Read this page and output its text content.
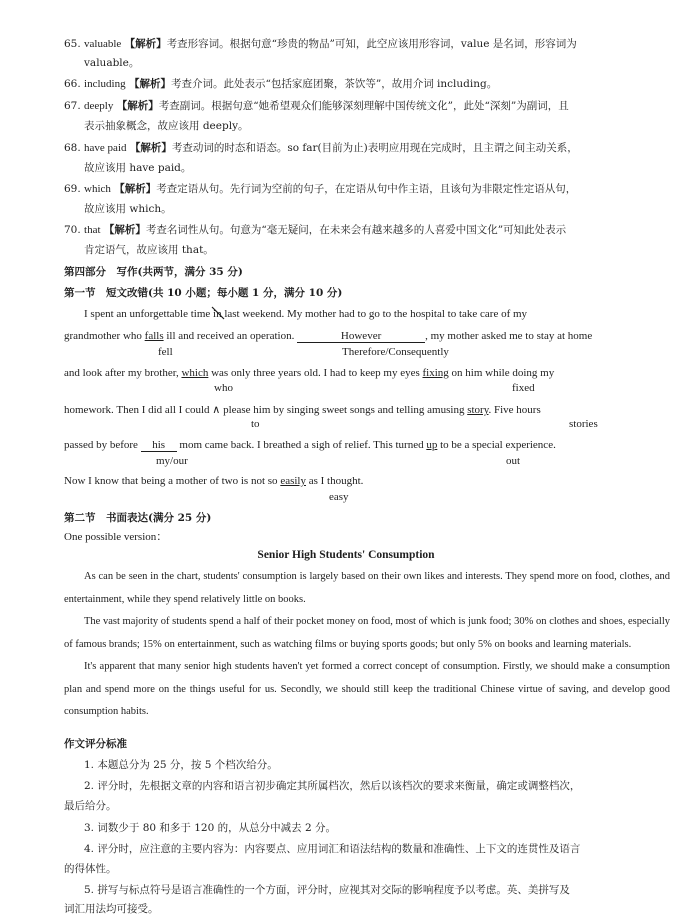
65. valuable 【解析】考查形容词。根据句意“珍贵的物品”可知，此空应该用形容词，value 是名词，形容词为
valuable。
66. including 【解析】考查介词。此处表示“包括家庭团聚，茶饮等”，故用介词 including。
67. deeply 【解析】考查副词。根据句意“她希望观众们能够深刻理解中国传统文化”，此处“深刻”为副词，且
表示抽象概念，故应该用 deeply。
68. have paid 【解析】考查动词的时态和语态。so far(目前为止)表明应用现在完成时，且主谓之间主动关系，
故应该用 have paid。
69. which 【解析】考查定语从句。先行词为空前的句子，在定语从句中作主语，且该句为非限定性定语从句，
故应该用 which。
70. that 【解析】考查名词性从句。句意为“毫无疑问，在未来会有越来越多的人喜爱中国文化”可知此处表示
肯定语气，故应该用 that。
第四部分　写作(共两节，满分 35 分)
第一节　短文改错(共 10 小题；每小题 1 分，满分 10 分)
I spent an unforgettable time in last weekend. My mother had to go to the hospital to take care of my
grandmother who falls ill and received an operation.	However	, my mother asked me to stay at home
fell	Therefore/Consequently
and look after my brother, which was only three years old. I had to keep my eyes fixing on him while doing my
who	fixed
homework. Then I did all I could ∧ please him by singing sweet songs and telling amusing story. Five hours
to	stories
passed by before his mom came back. I breathed a sigh of relief. This turned up to be a special experience.
my/our	out
Now I know that being a mother of two is not so easily as I thought.
easy
第二节　书面表达(满分 25 分)
One possible version：
Senior High Students' Consumption

As can be seen in the chart, students' consumption is largely based on their own likes and interests. They spend more on food, clothes, and entertainment, while they spend relatively little on books.

The vast majority of students spend a half of their pocket money on food, most of which is junk food; 30% on clothes and shoes, especially of famous brands; 15% on entertainment, such as watching films or buying sports goods; but only 5% on books and learning materials.

It's apparent that many senior high students haven't yet formed a correct concept of consumption. Firstly, we should make a consumption plan and spend more on the things useful for us. Secondly, we should still keep the traditional Chinese virtue of saving, and develop good consumption habits.

作文评分标准
1. 本题总分为 25 分，按 5 个档次给分。
2. 评分时，先根据文章的内容和语言初步确定其所属档次，然后以该档次的要求来衡量，确定或调整档次，
最后给分。
3. 词数少于 80 和多于 120 的，从总分中减去 2 分。
4. 评分时，应注意的主要内容为：内容要点、应用词汇和语法结构的数量和准确性、上下文的连贯性及语言
的得体性。
5. 拼写与标点符号是语言准确性的一个方面，评分时，应视其对交际的影响程度予以考虑。英、美拼写及
词汇用法均可接受。
